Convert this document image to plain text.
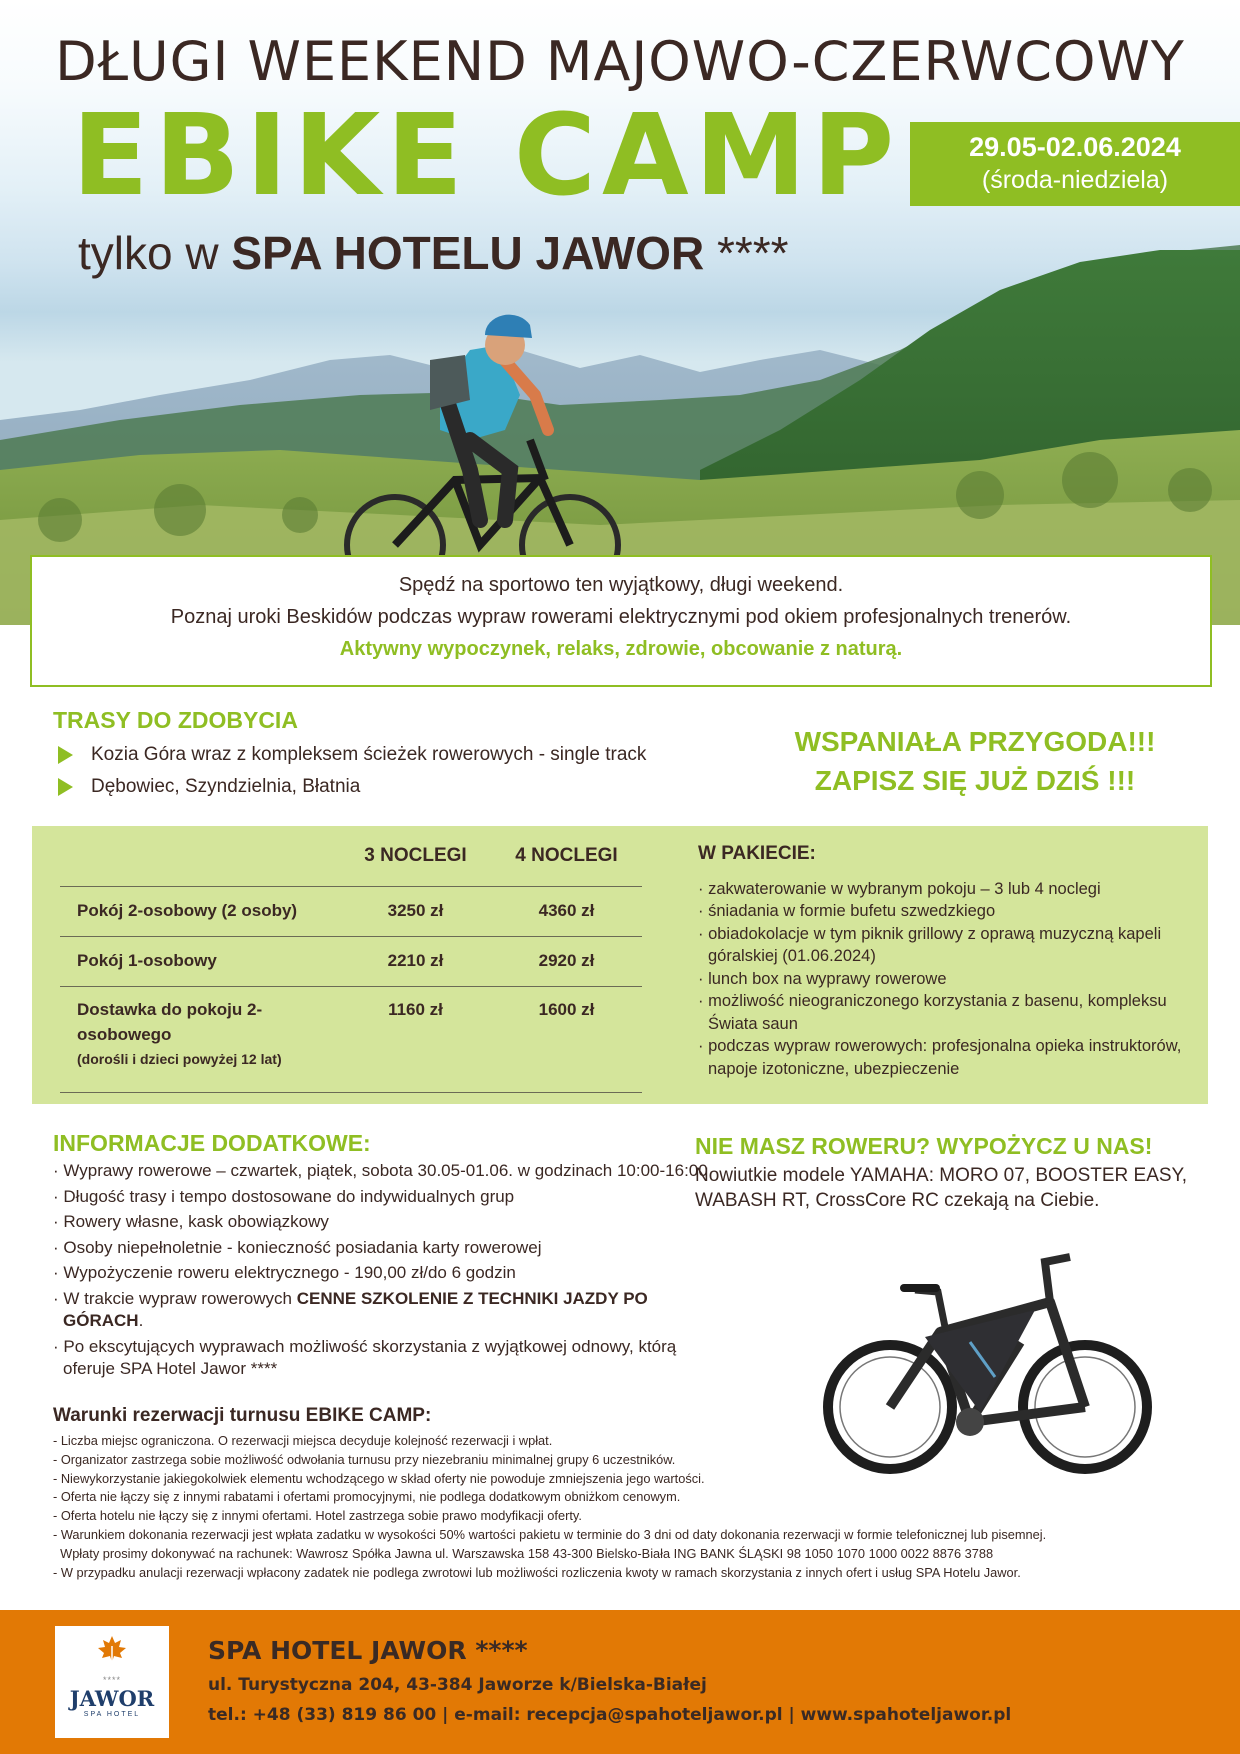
DŁUGI WEEKEND MAJOWO-CZERWCOWY
EBIKE CAMP
tylko w SPA HOTELU JAWOR ****
29.05-02.06.2024
(środa-niedziela)
Spędź na sportowo ten wyjątkowy, długi weekend.
Poznaj uroki Beskidów podczas wypraw rowerami elektrycznymi pod okiem profesjonalnych trenerów.
Aktywny wypoczynek, relaks, zdrowie, obcowanie z naturą.
TRASY DO ZDOBYCIA
Kozia Góra wraz z kompleksem ścieżek rowerowych - single track
Dębowiec, Szyndzielnia, Błatnia
WSPANIAŁA PRZYGODA!!!
ZAPISZ SIĘ JUŻ DZIŚ !!!
	3 NOCLEGI	4 NOCLEGI
Pokój 2-osobowy (2 osoby)	3250 zł	4360 zł
Pokój 1-osobowy	2210 zł	2920 zł
Dostawka do pokoju 2-osobowego
(dorośli i dzieci powyżej 12 lat)	1160 zł	1600 zł
W PAKIECIE:
· zakwaterowanie w wybranym pokoju – 3 lub 4 noclegi
· śniadania w formie bufetu szwedzkiego
· obiadokolacje w tym piknik grillowy z oprawą muzyczną kapeli góralskiej (01.06.2024)
· lunch box na wyprawy rowerowe
· możliwość nieograniczonego korzystania z basenu, kompleksu Świata saun
· podczas wypraw rowerowych: profesjonalna opieka instruktorów, napoje izotoniczne, ubezpieczenie
INFORMACJE DODATKOWE:
· Wyprawy rowerowe – czwartek, piątek, sobota 30.05-01.06. w godzinach 10:00-16:00
· Długość trasy i tempo dostosowane do indywidualnych grup
· Rowery własne, kask obowiązkowy
· Osoby niepełnoletnie - konieczność posiadania karty rowerowej
· Wypożyczenie roweru elektrycznego - 190,00 zł/do 6 godzin
· W trakcie wypraw rowerowych CENNE SZKOLENIE Z TECHNIKI JAZDY PO GÓRACH.
· Po ekscytujących wyprawach możliwość skorzystania z wyjątkowej odnowy, którą oferuje SPA Hotel Jawor ****
NIE MASZ ROWERU? WYPOŻYCZ U NAS!
Nowiutkie modele YAMAHA: MORO 07, BOOSTER EASY, WABASH RT, CrossCore RC czekają na Ciebie.
Warunki rezerwacji turnusu EBIKE CAMP:
- Liczba miejsc ograniczona. O rezerwacji miejsca decyduje kolejność rezerwacji i wpłat.
- Organizator zastrzega sobie możliwość odwołania turnusu przy niezebraniu minimalnej grupy 6 uczestników.
- Niewykorzystanie jakiegokolwiek elementu wchodzącego w skład oferty nie powoduje zmniejszenia jego wartości.
- Oferta nie łączy się z innymi rabatami i ofertami promocyjnymi, nie podlega dodatkowym obniżkom cenowym.
- Oferta hotelu nie łączy się z innymi ofertami. Hotel zastrzega sobie prawo modyfikacji oferty.
- Warunkiem dokonania rezerwacji jest wpłata zadatku w wysokości 50% wartości pakietu w terminie do 3 dni od daty dokonania rezerwacji w formie telefonicznej lub pisemnej.
Wpłaty prosimy dokonywać na rachunek: Wawrosz Spółka Jawna ul. Warszawska 158 43-300 Bielsko-Biała ING BANK ŚLĄSKI 98 1050 1070 1000 0022 8876 3788
- W przypadku anulacji rezerwacji wpłacony zadatek nie podlega zwrotowi lub możliwości rozliczenia kwoty w ramach skorzystania z innych ofert i usług SPA Hotelu Jawor.
****
JAWOR
SPA HOTEL
SPA HOTEL JAWOR ****
ul. Turystyczna 204, 43-384 Jaworze k/Bielska-Białej
tel.: +48 (33) 819 86 00 | e-mail: recepcja@spahoteljawor.pl | www.spahoteljawor.pl
